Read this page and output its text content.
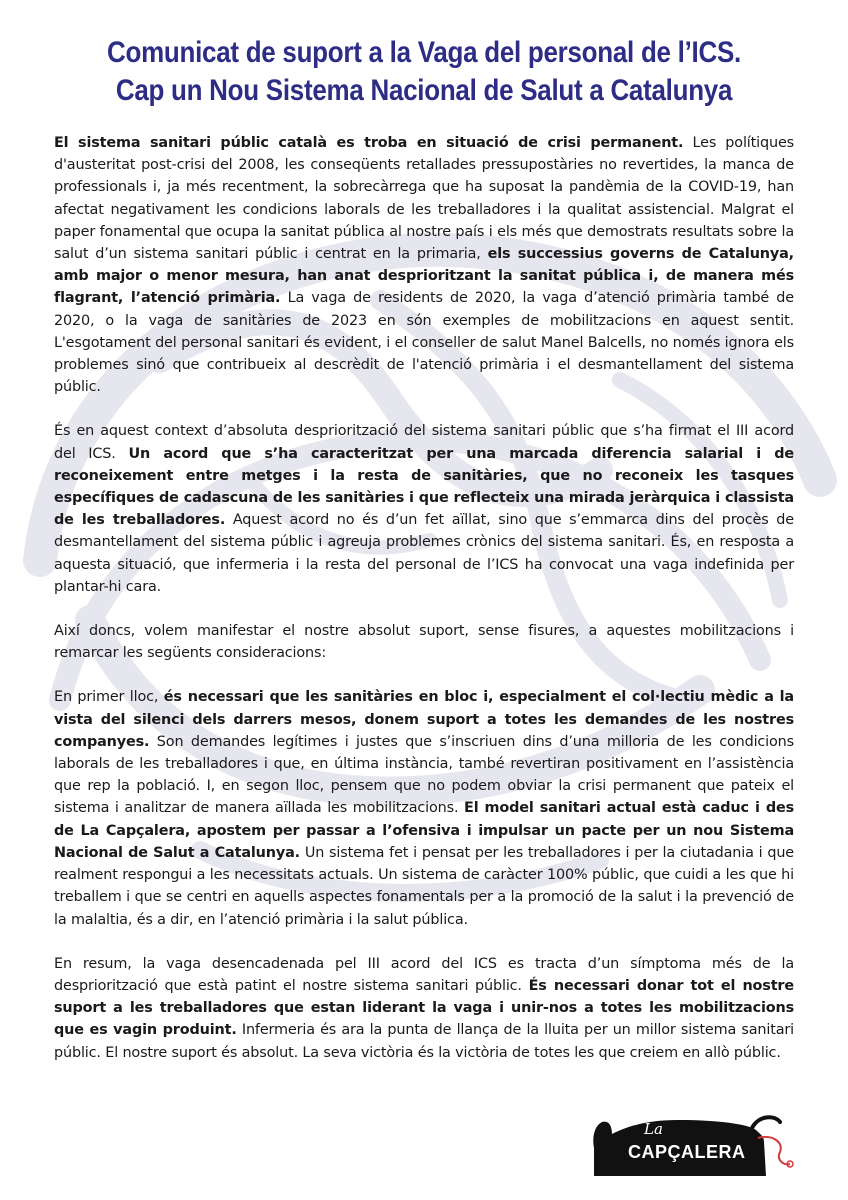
Comunicat de suport a la Vaga del personal de l’ICS.
Cap un Nou Sistema Nacional de Salut a Catalunya

El sistema sanitari públic català es troba en situació de crisi permanent. Les polítiques d'austeritat post-crisi del 2008, les conseqüents retallades pressupostàries no revertides, la manca de professionals i, ja més recentment, la sobrecàrrega que ha suposat la pandèmia de la COVID-19, han afectat negativament les condicions laborals de les treballadores i la qualitat assistencial. Malgrat el paper fonamental que ocupa la sanitat pública al nostre país i els més que demostrats resultats sobre la salut d’un sistema sanitari públic i centrat en la primaria, els successius governs de Catalunya, amb major o menor mesura, han anat desprioritzant la sanitat pública i, de manera més flagrant, l’atenció primària. La vaga de residents de 2020, la vaga d’atenció primària també de 2020, o la vaga de sanitàries de 2023 en són exemples de mobilitzacions en aquest sentit. L'esgotament del personal sanitari és evident, i el conseller de salut Manel Balcells, no només ignora els problemes sinó que contribueix al descrèdit de l'atenció primària i el desmantellament del sistema públic.

És en aquest context d’absoluta despriorització del sistema sanitari públic que s’ha firmat el III acord del ICS. Un acord que s’ha caracteritzat per una marcada diferencia salarial i de reconeixement entre metges i la resta de sanitàries, que no reconeix les tasques específiques de cadascuna de les sanitàries i que reflecteix una mirada jeràrquica i classista de les treballadores. Aquest acord no és d’un fet aïllat, sino que s’emmarca dins del procès de desmantellament del sistema públic i agreuja problemes crònics del sistema sanitari. És, en resposta a aquesta situació, que infermeria i la resta del personal de l’ICS ha convocat una vaga indefinida per plantar-hi cara.

Així doncs, volem manifestar el nostre absolut suport, sense fisures, a aquestes mobilitzacions i remarcar les següents consideracions:

En primer lloc, és necessari que les sanitàries en bloc i, especialment el col·lectiu mèdic a la vista del silenci dels darrers mesos, donem suport a totes les demandes de les nostres companyes. Son demandes legítimes i justes que s’inscriuen dins d’una milloria de les condicions laborals de les treballadores i que, en última instància, també revertiran positivament en l’assistència que rep la població. I, en segon lloc, pensem que no podem obviar la crisi permanent que pateix el sistema i analitzar de manera aïllada les mobilitzacions. El model sanitari actual està caduc i des de La Capçalera, apostem per passar a l’ofensiva i impulsar un pacte per un nou Sistema Nacional de Salut a Catalunya. Un sistema fet i pensat per les treballadores i per la ciutadania i que realment respongui a les necessitats actuals. Un sistema de caràcter 100% públic, que cuidi a les que hi treballem i que se centri en aquells aspectes fonamentals per a la promoció de la salut i la prevenció de la malaltia, és a dir, en l’atenció primària i la salut pública.

En resum, la vaga desencadenada pel III acord del ICS es tracta d’un símptoma més de la despriorització que està patint el nostre sistema sanitari públic. És necessari donar tot el nostre suport a les treballadores que estan liderant la vaga i unir-nos a totes les mobilitzacions que es vagin produint. Infermeria és ara la punta de llança de la lluita per un millor sistema sanitari públic. El nostre suport és absolut. La seva victòria és la victòria de totes les que creiem en allò públic.

La
CAPÇALERA
